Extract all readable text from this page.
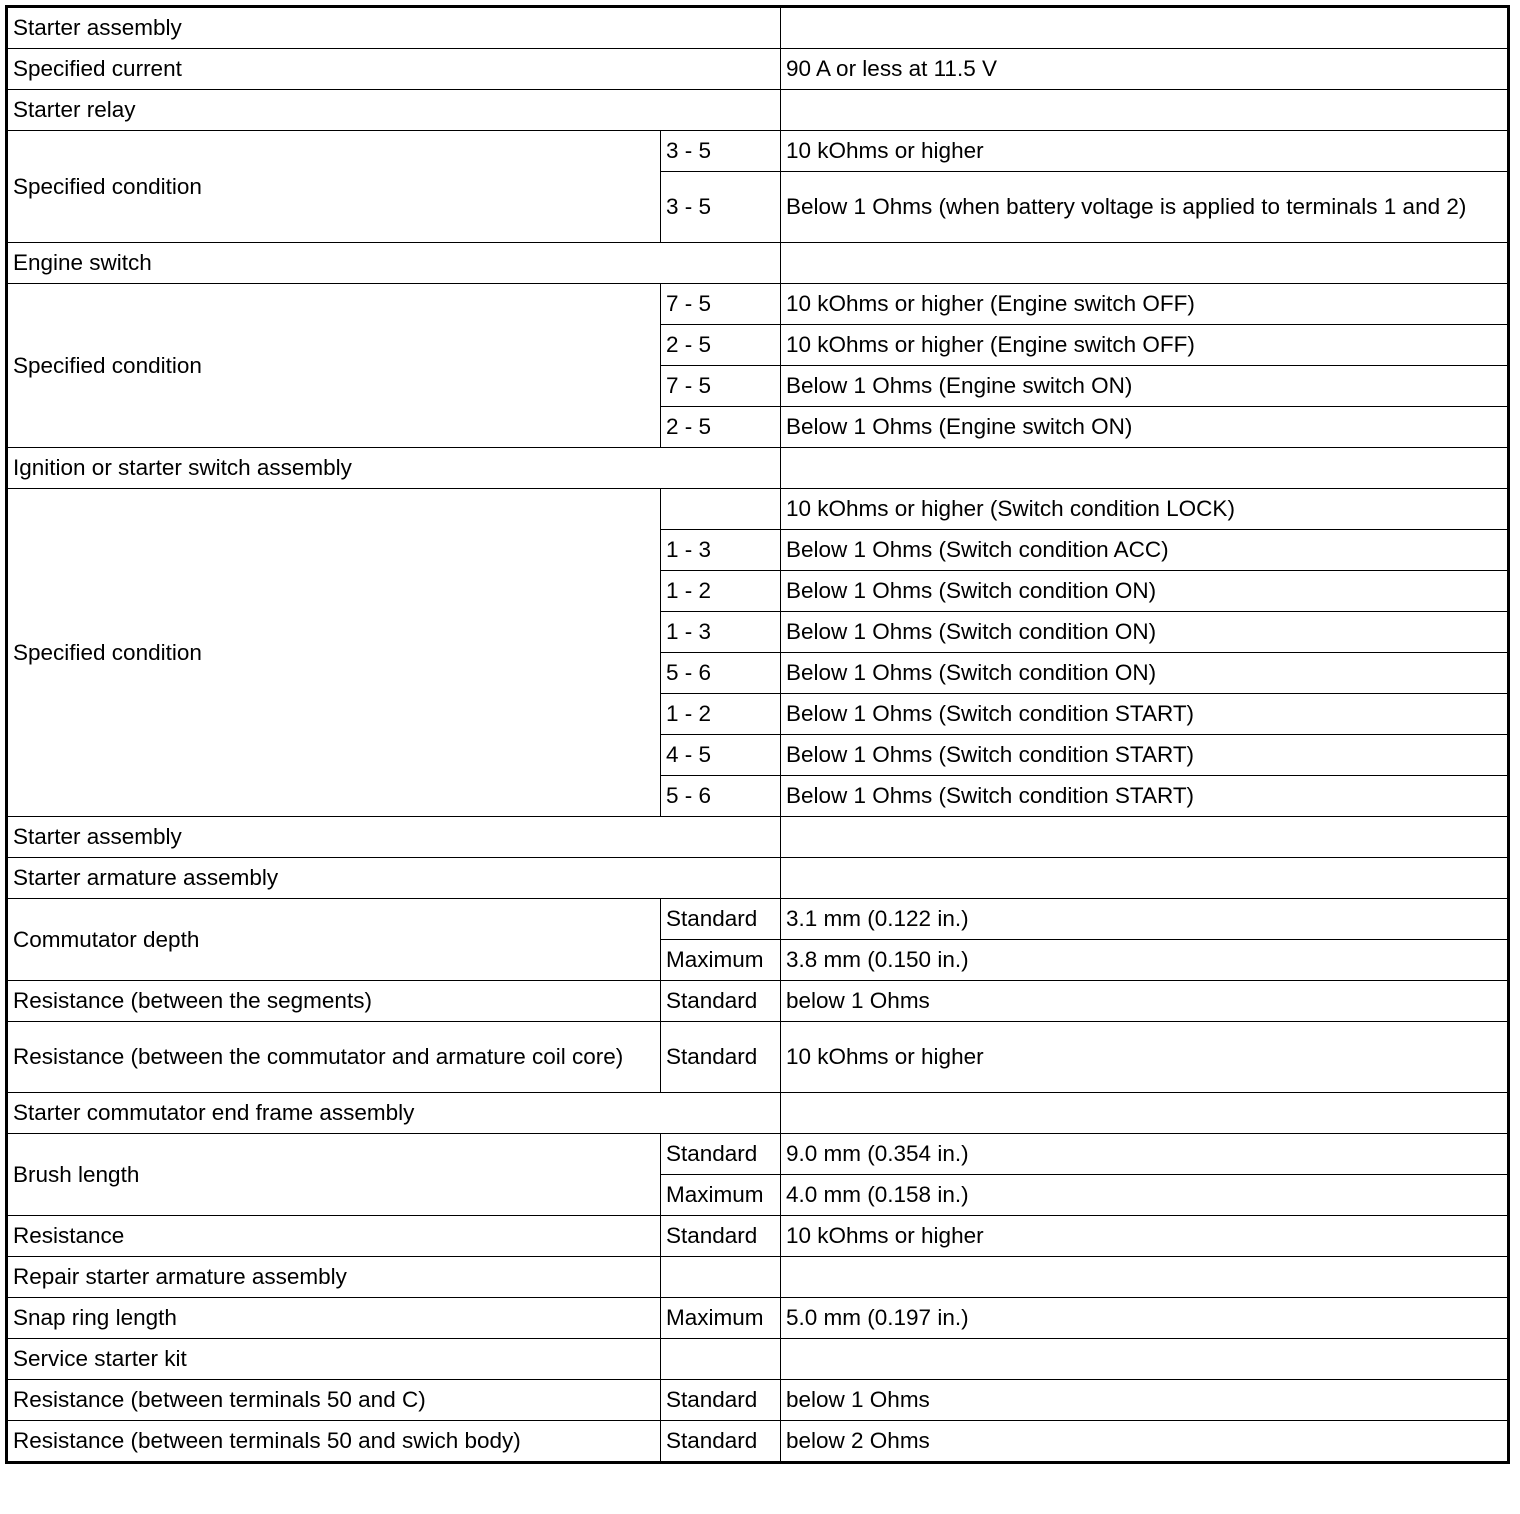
Starter assembly		
Specified current		90 A or less at 11.5 V
Starter relay		
Specified condition	3 - 5	10 kOhms or higher
	3 - 5	Below 1 Ohms (when battery voltage is applied to terminals 1 and 2)
Engine switch		
Specified condition	7 - 5	10 kOhms or higher (Engine switch OFF)
	2 - 5	10 kOhms or higher (Engine switch OFF)
	7 - 5	Below 1 Ohms (Engine switch ON)
	2 - 5	Below 1 Ohms (Engine switch ON)
Ignition or starter switch assembly		
Specified condition		10 kOhms or higher (Switch condition LOCK)
	1 - 3	Below 1 Ohms (Switch condition ACC)
	1 - 2	Below 1 Ohms (Switch condition ON)
	1 - 3	Below 1 Ohms (Switch condition ON)
	5 - 6	Below 1 Ohms (Switch condition ON)
	1 - 2	Below 1 Ohms (Switch condition START)
	4 - 5	Below 1 Ohms (Switch condition START)
	5 - 6	Below 1 Ohms (Switch condition START)
Starter assembly		
Starter armature assembly		
Commutator depth	Standard	3.1 mm (0.122 in.)
	Maximum	3.8 mm (0.150 in.)
Resistance (between the segments)	Standard	below 1 Ohms
Resistance (between the commutator and armature coil core)	Standard	10 kOhms or higher
Starter commutator end frame assembly		
Brush length	Standard	9.0 mm (0.354 in.)
	Maximum	4.0 mm (0.158 in.)
Resistance	Standard	10 kOhms or higher
Repair starter armature assembly		
Snap ring length	Maximum	5.0 mm (0.197 in.)
Service starter kit		
Resistance (between terminals 50 and C)	Standard	below 1 Ohms
Resistance (between terminals 50 and swich body)	Standard	below 2 Ohms
